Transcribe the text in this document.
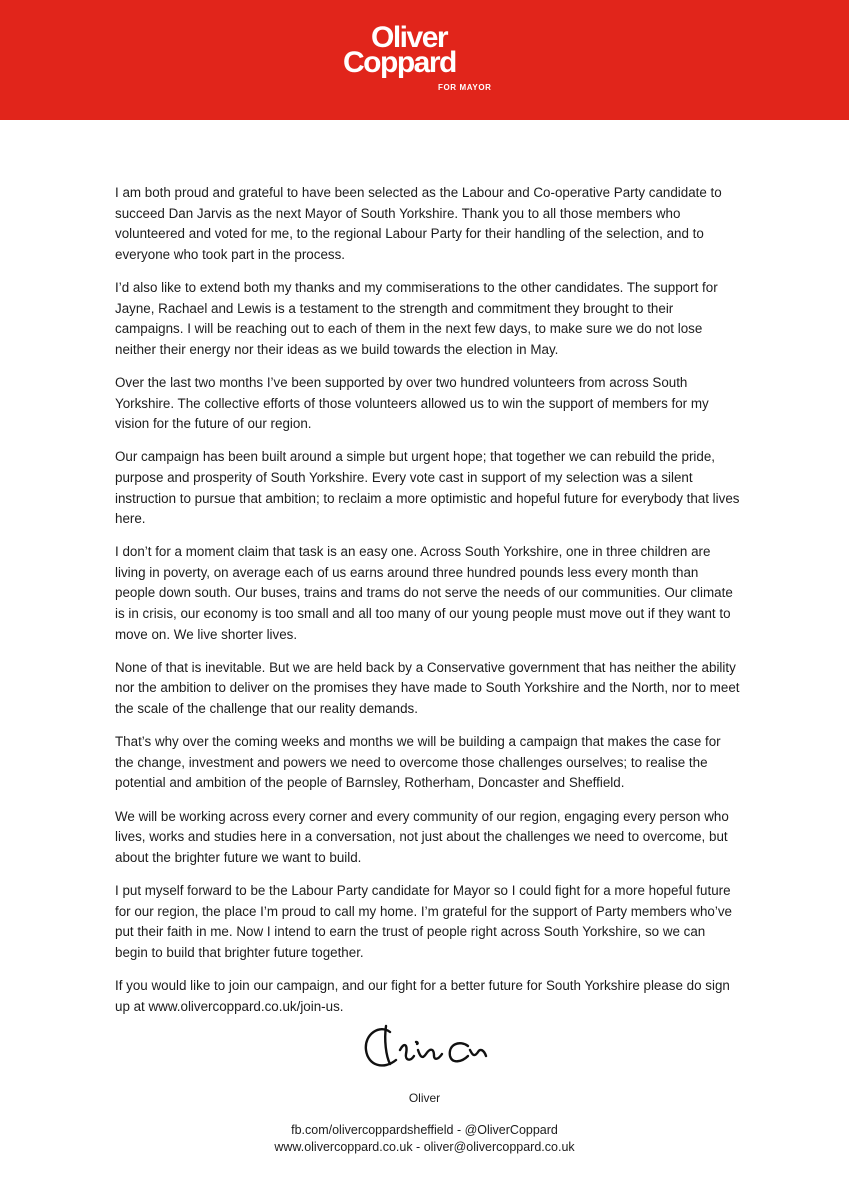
Oliver
Coppard
FOR MAYOR

I am both proud and grateful to have been selected as the Labour and Co-operative Party candidate to succeed Dan Jarvis as the next Mayor of South Yorkshire. Thank you to all those members who volunteered and voted for me, to the regional Labour Party for their handling of the selection, and to everyone who took part in the process.

I’d also like to extend both my thanks and my commiserations to the other candidates. The support for Jayne, Rachael and Lewis is a testament to the strength and commitment they brought to their campaigns. I will be reaching out to each of them in the next few days, to make sure we do not lose neither their energy nor their ideas as we build towards the election in May.

Over the last two months I’ve been supported by over two hundred volunteers from across South Yorkshire. The collective efforts of those volunteers allowed us to win the support of members for my vision for the future of our region.

Our campaign has been built around a simple but urgent hope; that together we can rebuild the pride, purpose and prosperity of South Yorkshire. Every vote cast in support of my selection was a silent instruction to pursue that ambition; to reclaim a more optimistic and hopeful future for everybody that lives here.

I don’t for a moment claim that task is an easy one. Across South Yorkshire, one in three children are living in poverty, on average each of us earns around three hundred pounds less every month than people down south. Our buses, trains and trams do not serve the needs of our communities. Our climate is in crisis, our economy is too small and all too many of our young people must move out if they want to move on. We live shorter lives.

None of that is inevitable. But we are held back by a Conservative government that has neither the ability nor the ambition to deliver on the promises they have made to South Yorkshire and the North, nor to meet the scale of the challenge that our reality demands.

That’s why over the coming weeks and months we will be building a campaign that makes the case for the change, investment and powers we need to overcome those challenges ourselves; to realise the potential and ambition of the people of Barnsley, Rotherham, Doncaster and Sheffield.

We will be working across every corner and every community of our region, engaging every person who lives, works and studies here in a conversation, not just about the challenges we need to overcome, but about the brighter future we want to build.

I put myself forward to be the Labour Party candidate for Mayor so I could fight for a more hopeful future for our region, the place I’m proud to call my home. I’m grateful for the support of Party members who’ve put their faith in me. Now I intend to earn the trust of people right across South Yorkshire, so we can begin to build that brighter future together.

If you would like to join our campaign, and our fight for a better future for South Yorkshire please do sign up at www.olivercoppard.co.uk/join-us.

Oliver
fb.com/olivercoppardsheffield - @OliverCoppard
www.olivercoppard.co.uk - oliver@olivercoppard.co.uk
